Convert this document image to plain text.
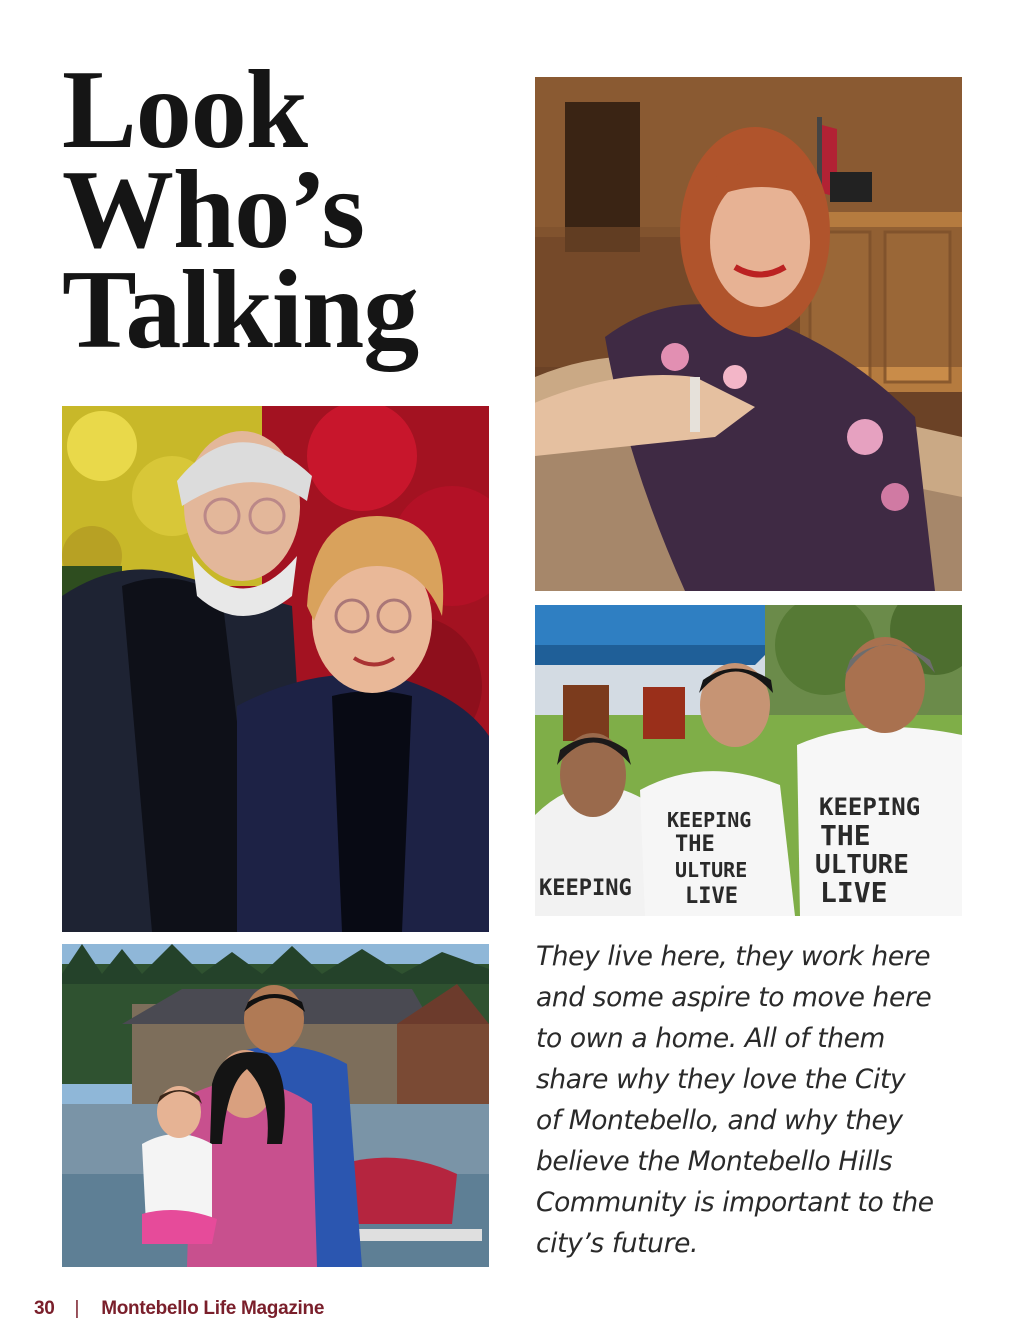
Look
Who’s
Talking
KEEPING
KEEPING
THE
ULTURE
LIVE
KEEPING
THE
ULTURE
LIVE
They live here, they work here
and some aspire to move here
to own a home. All of them
share why they love the City
of Montebello, and why they
believe the Montebello Hills
Community is important to the
city’s future.
30 | Montebello Life Magazine
